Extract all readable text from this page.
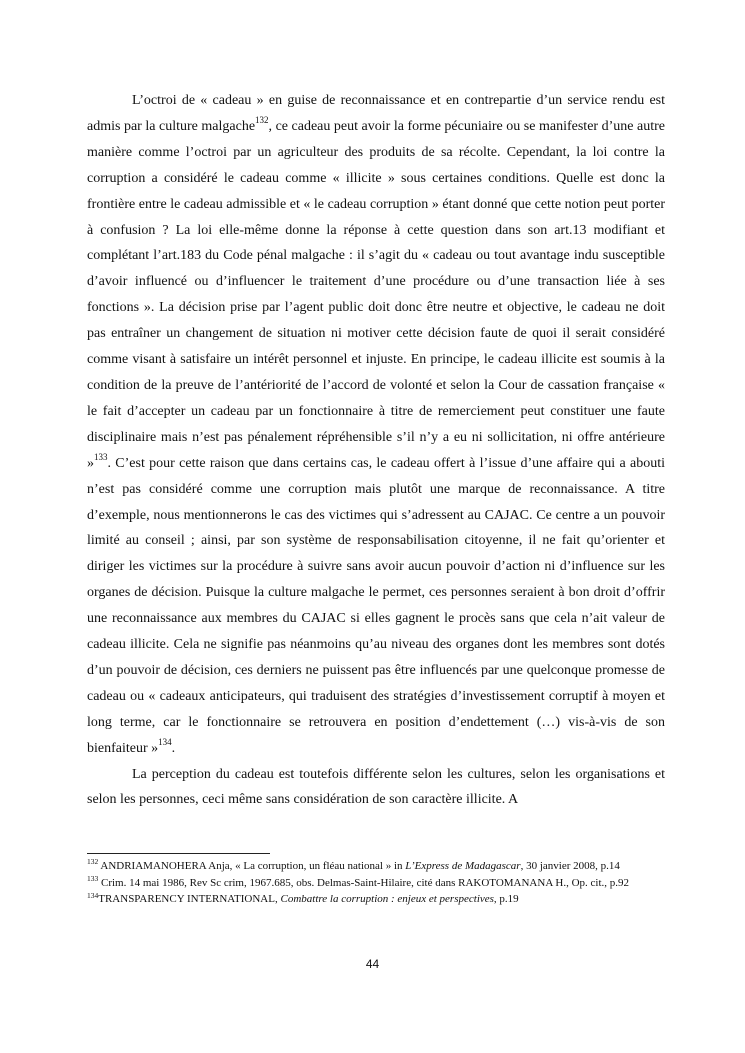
L’octroi de « cadeau » en guise de reconnaissance et en contrepartie d’un service rendu est admis par la culture malgache$^{132}$, ce cadeau peut avoir la forme pécuniaire ou se manifester d’une autre manière comme l’octroi par un agriculteur des produits de sa récolte. Cependant, la loi contre la corruption a considéré le cadeau comme « illicite » sous certaines conditions. Quelle est donc la frontière entre le cadeau admissible et « le cadeau corruption » étant donné que cette notion peut porter à confusion ? La loi elle-même donne la réponse à cette question dans son art.13 modifiant et complétant l’art.183 du Code pénal malgache : il s’agit du « cadeau ou tout avantage indu susceptible d’avoir influencé ou d’influencer le traitement d’une procédure ou d’une transaction liée à ses fonctions ». La décision prise par l’agent public doit donc être neutre et objective, le cadeau ne doit pas entraîner un changement de situation ni motiver cette décision faute de quoi il serait considéré comme visant à satisfaire un intérêt personnel et injuste. En principe, le cadeau illicite est soumis à la condition de la preuve de l’antériorité de l’accord de volonté et selon la Cour de cassation française « le fait d’accepter un cadeau par un fonctionnaire à titre de remerciement peut constituer une faute disciplinaire mais n’est pas pénalement répréhensible s’il n’y a eu ni sollicitation, ni offre antérieure »$^{133}$. C’est pour cette raison que dans certains cas, le cadeau offert à l’issue d’une affaire qui a abouti n’est pas considéré comme une corruption mais plutôt une marque de reconnaissance. A titre d’exemple, nous mentionnerons le cas des victimes qui s’adressent au CAJAC. Ce centre a un pouvoir limité au conseil ; ainsi, par son système de responsabilisation citoyenne, il ne fait qu’orienter et diriger les victimes sur la procédure à suivre sans avoir aucun pouvoir d’action ni d’influence sur les organes de décision. Puisque la culture malgache le permet, ces personnes seraient à bon droit d’offrir une reconnaissance aux membres du CAJAC si elles gagnent le procès sans que cela n’ait valeur de cadeau illicite. Cela ne signifie pas néanmoins qu’au niveau des organes dont les membres sont dotés d’un pouvoir de décision, ces derniers ne puissent pas être influencés par une quelconque promesse de cadeau ou « cadeaux anticipateurs, qui traduisent des stratégies d’investissement corruptif à moyen et long terme, car le fonctionnaire se retrouvera en position d’endettement (…) vis-à-vis de son bienfaiteur »$^{134}$.

La perception du cadeau est toutefois différente selon les cultures, selon les organisations et selon les personnes, ceci même sans considération de son caractère illicite. A

$^{132}$ ANDRIAMANOHERA Anja, « La corruption, un fléau national » in L’Express de Madagascar, 30 janvier 2008, p.14

$^{133}$ Crim. 14 mai 1986, Rev Sc crim, 1967.685, obs. Delmas-Saint-Hilaire, cité dans RAKOTOMANANA H., Op. cit., p.92

$^{134}$TRANSPARENCY INTERNATIONAL, Combattre la corruption : enjeux et perspectives, p.19

44
